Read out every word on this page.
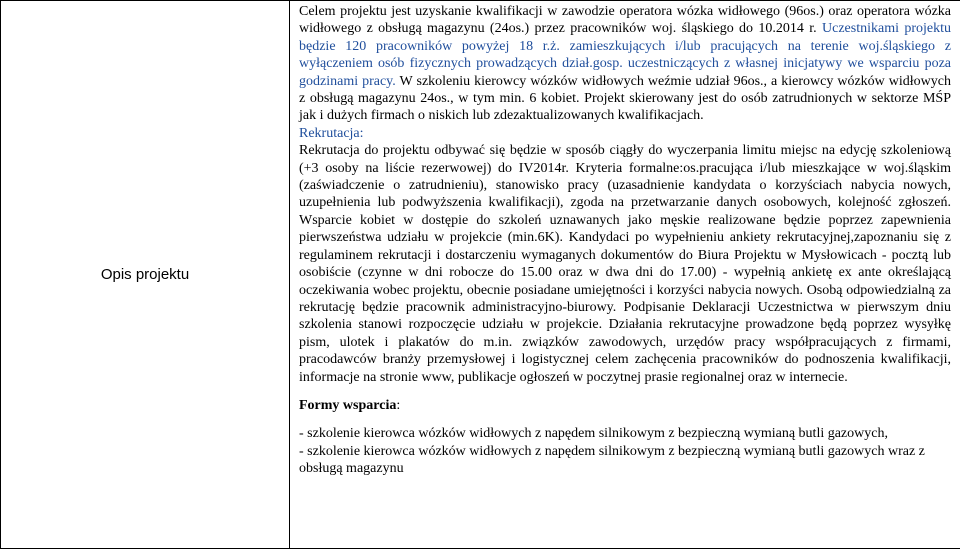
Opis projektu	

Celem projektu jest uzyskanie kwalifikacji w zawodzie operatora wózka widłowego (96os.) oraz operatora wózka widłowego z obsługą magazynu (24os.) przez pracowników woj. śląskiego do 10.2014 r. Uczestnikami projektu będzie 120 pracowników powyżej 18 r.ż. zamieszkujących i/lub pracujących na terenie woj.śląskiego z wyłączeniem osób fizycznych prowadzących dział.gosp. uczestniczących z własnej inicjatywy we wsparciu poza godzinami pracy. W szkoleniu kierowcy wózków widłowych weźmie udział 96os., a kierowcy wózków widłowych z obsługą magazynu 24os., w tym min. 6 kobiet. Projekt skierowany jest do osób zatrudnionych w sektorze MŚP jak i dużych firmach o niskich lub zdezaktualizowanych kwalifikacjach.

Rekrutacja:

Rekrutacja do projektu odbywać się będzie w sposób ciągły do wyczerpania limitu miejsc na edycję szkoleniową (+3 osoby na liście rezerwowej) do IV2014r. Kryteria formalne:os.pracująca i/lub mieszkające w woj.śląskim (zaświadczenie o zatrudnieniu), stanowisko pracy (uzasadnienie kandydata o korzyściach nabycia nowych, uzupełnienia lub podwyższenia kwalifikacji), zgoda na przetwarzanie danych osobowych, kolejność zgłoszeń. Wsparcie kobiet w dostępie do szkoleń uznawanych jako męskie realizowane będzie poprzez zapewnienia pierwszeństwa udziału w projekcie (min.6K). Kandydaci po wypełnieniu ankiety rekrutacyjnej,zapoznaniu się z regulaminem rekrutacji i dostarczeniu wymaganych dokumentów do Biura Projektu w Mysłowicach - pocztą lub osobiście (czynne w dni robocze do 15.00 oraz w dwa dni do 17.00) - wypełnią ankietę ex ante określającą oczekiwania wobec projektu, obecnie posiadane umiejętności i korzyści nabycia nowych. Osobą odpowiedzialną za rekrutację będzie pracownik administracyjno-biurowy. Podpisanie Deklaracji Uczestnictwa w pierwszym dniu szkolenia stanowi rozpoczęcie udziału w projekcie. Działania rekrutacyjne prowadzone będą poprzez wysyłkę pism, ulotek i plakatów do m.in. związków zawodowych, urzędów pracy współpracujących z firmami, pracodawców branży przemysłowej i logistycznej celem zachęcenia pracowników do podnoszenia kwalifikacji, informacje na stronie www, publikacje ogłoszeń w poczytnej prasie regionalnej oraz w internecie.

Formy wsparcia:

- szkolenie kierowca wózków widłowych z napędem silnikowym z bezpieczną wymianą butli gazowych,

- szkolenie kierowca wózków widłowych z napędem silnikowym z bezpieczną wymianą butli gazowych wraz z obsługą magazynu
